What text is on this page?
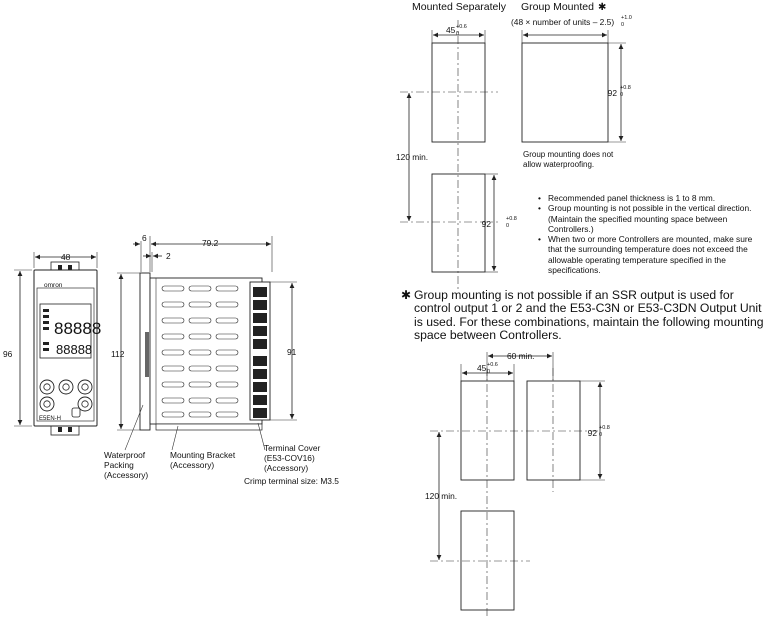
Mounted Separately Group Mounted ✱
(48 × number of units – 2.5) +1.0
0
45 +0.6
0
120 min.
92	+0.8
0
92 +0.8
0
Group mounting does not
allow waterproofing.
60 min.
45 +0.6
0
92 +0.8
0
120 min.
48
omron
88888
88888
E5EN-H
96
6	79.2
2
112	91
Waterproof
Packing
(Accessory)
Mounting Bracket
(Accessory)
Terminal Cover
(E53-COV16)
(Accessory)
Crimp terminal size: M3.5
• Recommended panel thickness is 1 to 8 mm.
• Group mounting is not possible in the vertical direction. (Maintain the specified mounting space between Controllers.)
• When two or more Controllers are mounted, make sure that the surrounding temperature does not exceed the allowable operating temperature specified in the specifications.
✱ Group mounting is not possible if an SSR output is used for control output 1 or 2 and the E53-C3N or E53-C3DN Output Unit is used. For these combinations, maintain the following mounting space between Controllers.
